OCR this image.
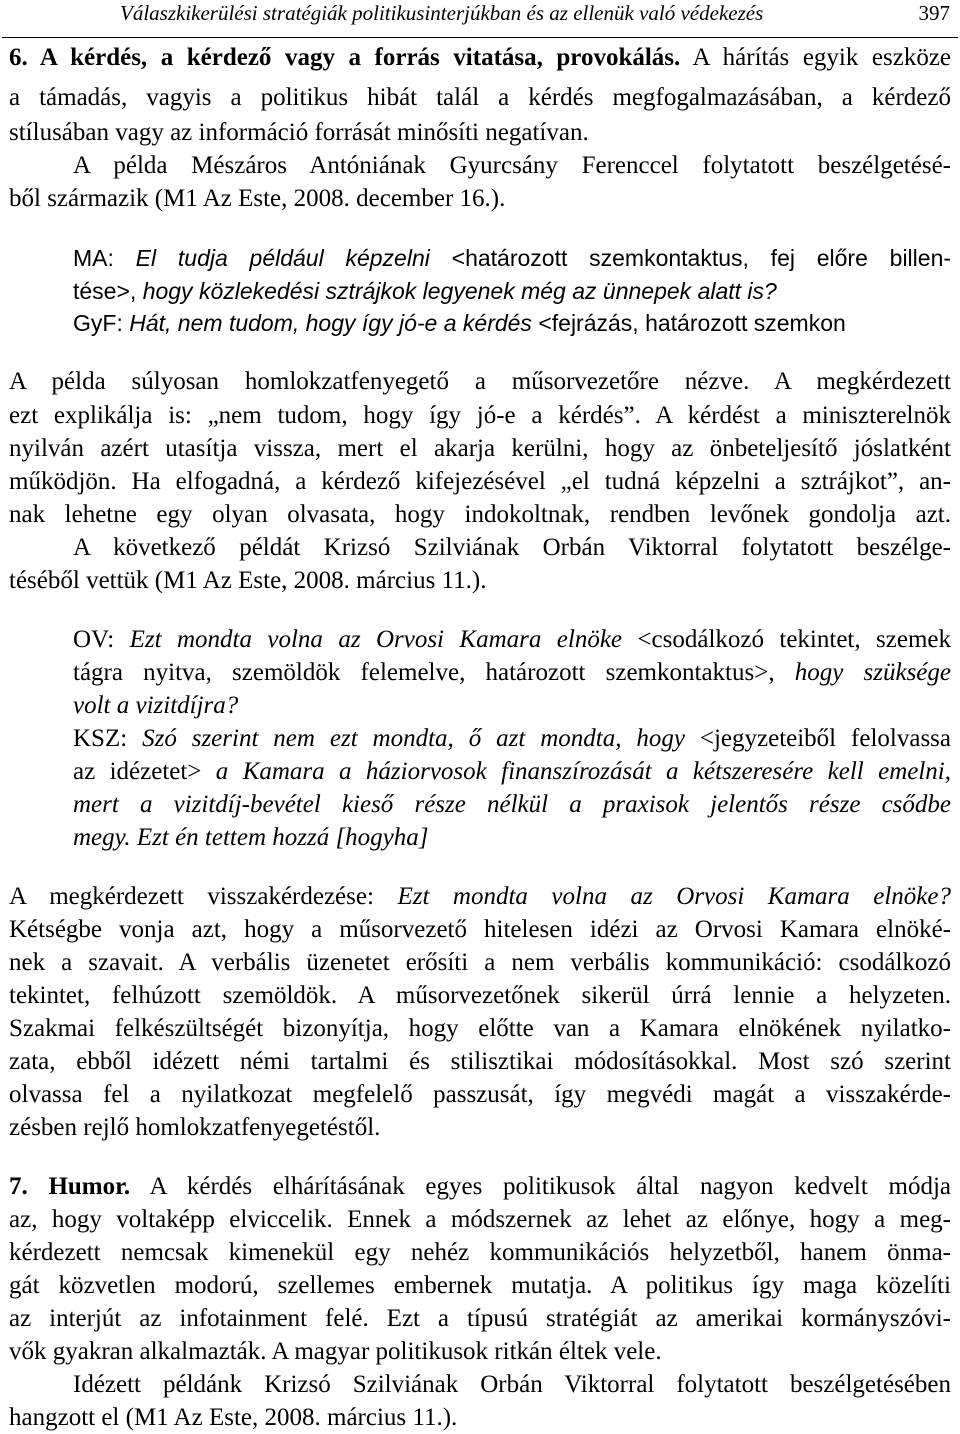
Válaszkikerülési stratégiák politikusinterjúkban és az ellenük való védekezés	397
6. A kérdés, a kérdező vagy a forrás vitatása, provokálás. A hárítás egyik eszköze
a támadás, vagyis a politikus hibát talál a kérdés megfogalmazásában, a kérdező
stílusában vagy az információ forrását minősíti negatívan.
A példa Mészáros Antóniának Gyurcsány Ferenccel folytatott beszélgetésé-
ből származik (M1 Az Este, 2008. december 16.).
MA: El tudja például képzelni <határozott szemkontaktus, fej előre billen-
tése>, hogy közlekedési sztrájkok legyenek még az ünnepek alatt is?
GyF: Hát, nem tudom, hogy így jó-e a kérdés <fejrázás, határozott szemkon
A példa súlyosan homlokzatfenyegető a műsorvezetőre nézve. A megkérdezett
ezt explikálja is: „nem tudom, hogy így jó-e a kérdés”. A kérdést a miniszterelnök
nyilván azért utasítja vissza, mert el akarja kerülni, hogy az önbeteljesítő jóslatként
működjön. Ha elfogadná, a kérdező kifejezésével „el tudná képzelni a sztrájkot”, an-
nak lehetne egy olyan olvasata, hogy indokoltnak, rendben levőnek gondolja azt.
A következő példát Krizsó Szilviának Orbán Viktorral folytatott beszélge-
téséből vettük (M1 Az Este, 2008. március 11.).
OV: Ezt mondta volna az Orvosi Kamara elnöke <csodálkozó tekintet, szemek
tágra nyitva, szemöldök felemelve, határozott szemkontaktus>, hogy szüksége
volt a vizitdíjra?
KSZ: Szó szerint nem ezt mondta, ő azt mondta, hogy <jegyzeteiből felolvassa
az idézetet> a Kamara a háziorvosok finanszírozását a kétszeresére kell emelni,
mert a vizitdíj-bevétel kieső része nélkül a praxisok jelentős része csődbe
megy. Ezt én tettem hozzá [hogyha]
A megkérdezett visszakérdezése: Ezt mondta volna az Orvosi Kamara elnöke?
Kétségbe vonja azt, hogy a műsorvezető hitelesen idézi az Orvosi Kamara elnöké-
nek a szavait. A verbális üzenetet erősíti a nem verbális kommunikáció: csodálkozó
tekintet, felhúzott szemöldök. A műsorvezetőnek sikerül úrrá lennie a helyzeten.
Szakmai felkészültségét bizonyítja, hogy előtte van a Kamara elnökének nyilatko-
zata, ebből idézett némi tartalmi és stilisztikai módosításokkal. Most szó szerint
olvassa fel a nyilatkozat megfelelő passzusát, így megvédi magát a visszakérde-
zésben rejlő homlokzatfenyegetéstől.
7. Humor. A kérdés elhárításának egyes politikusok által nagyon kedvelt módja
az, hogy voltaképp elviccelik. Ennek a módszernek az lehet az előnye, hogy a meg-
kérdezett nemcsak kimenekül egy nehéz kommunikációs helyzetből, hanem önma-
gát közvetlen modorú, szellemes embernek mutatja. A politikus így maga közelíti
az interjút az infotainment felé. Ezt a típusú stratégiát az amerikai kormányszóvi-
vők gyakran alkalmazták. A magyar politikusok ritkán éltek vele.
Idézett példánk Krizsó Szilviának Orbán Viktorral folytatott beszélgetésében
hangzott el (M1 Az Este, 2008. március 11.).
